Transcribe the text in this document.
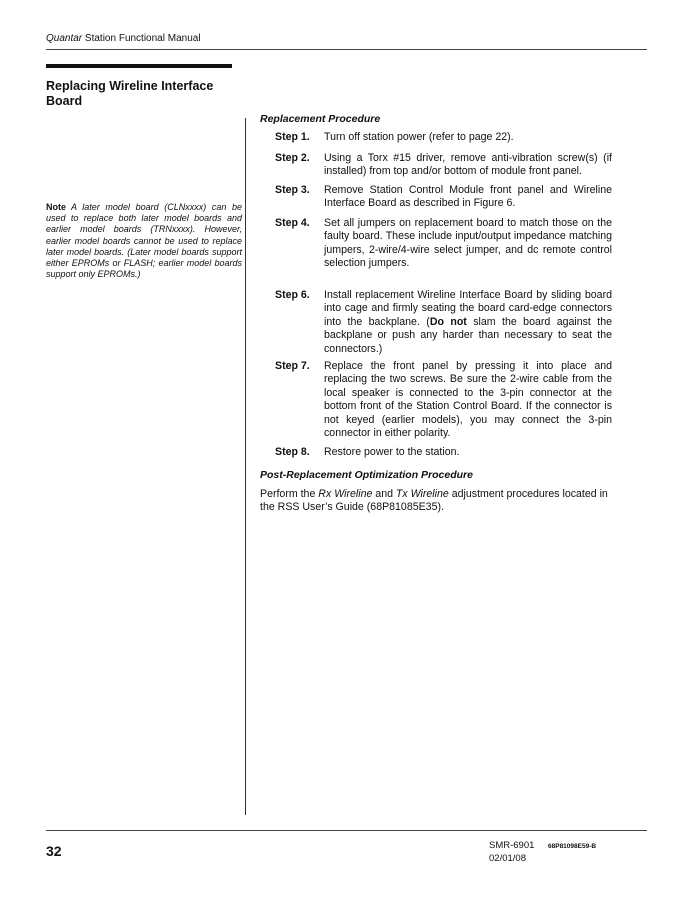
Quantar Station Functional Manual
Replacing Wireline Interface Board
Note A later model board (CLNxxxx) can be used to replace both later model boards and earlier model boards (TRNxxxx). However, earlier model boards cannot be used to replace later model boards. (Later model boards support either EPROMs or FLASH; earlier model boards support only EPROMs.)
Replacement Procedure
Step 1.	Turn off station power (refer to page 22).
Step 2.	Using a Torx #15 driver, remove anti-vibration screw(s) (if installed) from top and/or bottom of module front panel.
Step 3.	Remove Station Control Module front panel and Wireline Interface Board as described in Figure 6.
Step 4.	Set all jumpers on replacement board to match those on the faulty board. These include input/output impedance matching jumpers, 2-wire/4-wire select jumper, and dc remote control selection jumpers.
Step 6.	Install replacement Wireline Interface Board by sliding board into cage and firmly seating the board card-edge connectors into the backplane. (Do not slam the board against the backplane or push any harder than necessary to seat the connectors.)
Step 7.	Replace the front panel by pressing it into place and replacing the two screws. Be sure the 2-wire cable from the local speaker is connected to the 3-pin connector at the bottom front of the Station Control Board. If the connector is not keyed (earlier models), you may connect the 3-pin connector in either polarity.
Step 8.	Restore power to the station.
Post-Replacement Optimization Procedure
Perform the Rx Wireline and Tx Wireline adjustment procedures located in the RSS User’s Guide (68P81085E35).
32	SMR-6901
02/01/08
68P81098E59-B
